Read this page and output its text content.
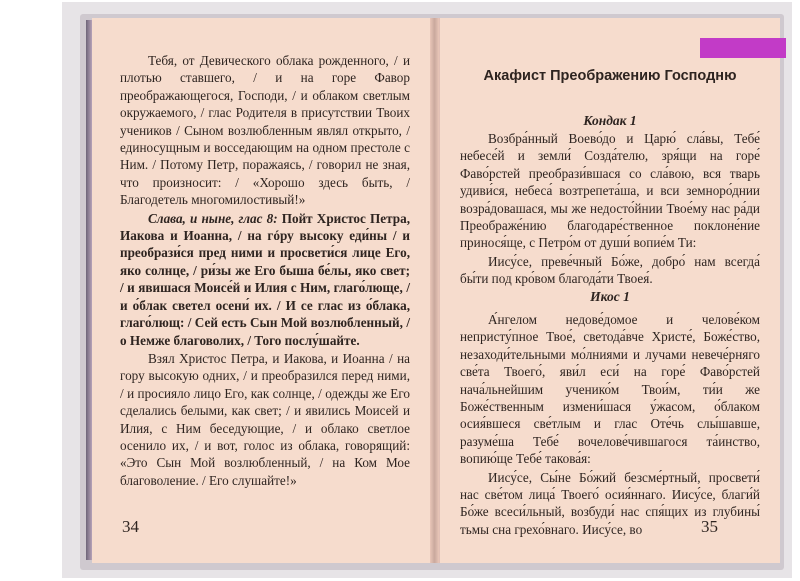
Тебя, от Девического облака рожденного, / и плотью ставшего, / и на горе Фавор преображающегося, Господи, / и облаком светлым окружаемого, / глас Родителя в присутствии Твоих учеников / Сыном возлюбленным являл открыто, / единосущным и восседающим на одном престоле с Ним. / Потому Петр, поражаясь, / говорил не зная, что произносит: / «Хорошо здесь быть, / Благодетель многомилостивый!»

Слава, и ныне, глас 8: Пойт Христос Петра, Иакова и Иоанна, / на гóру высоку еди́ны / и преобрази́ся пред ними и просвети́ся лице Его, яко солнце, / ри́зы же Его быша бе́лы, яко свет; / и явишася Моисе́й и Илия с Ним, глаго́люще, / и о́блак светел осени́ их. / И се глас из о́блака, глаго́лющ: / Сей есть Сын Мой возлюбленный, / о Немже благоволих, / Того послу́шайте.

Взял Христос Петра, и Иакова, и Иоанна / на гору высокую одних, / и преобразился перед ними, / и просияло лицо Его, как солнце, / одежды же Его сделались белыми, как свет; / и явились Моисей и Илия, с Ним беседующие, / и облако светлое осенило их, / и вот, голос из облака, говорящий: «Это Сын Мой возлюбленный, / на Ком Мое благоволение. / Его слушайте!»

34
Акафист Преображению Господню
Кондак 1

Возбра́нный Воево́до и Царю́ сла́вы, Тебе́ небесе́й и земли́ Созда́телю, зря́щи на горе́ Фаво́рстей преобрази́вшася со сла́вою, вся тварь удиви́ся, небеса́ возтрепета́ша, и вси земноро́днии возра́довашася, мы же недосто́йнии Твое́му нас ра́ди Преображе́нию благодаре́ственное поклоне́ние принося́ще, с Петро́м от души́ вопие́м Ти:

Иису́се, преве́чный Бо́же, добро́ нам всегда́ бы́ти под кро́вом благода́ти Твоея́.

Икос 1

А́нгелом недове́домое и челове́ком непристу́пное Твое́, светода́вче Христе́, Боже́ство, незаходи́тельными мо́лниями и лучами невече́рняго све́та Твоего́, яви́л еси́ на горе́ Фаво́рстей нача́льнейшим ученико́м Твои́м, ти́и же Боже́ственным измени́шася у́жасом, о́блаком осия́вшеся све́тлым и глас Оте́чь слы́шавше, разуме́ша Тебе́ вочелове́чившагося та́инство, вопию́ще Тебе́ такова́я:

Иису́се, Сы́не Бо́жий безсме́ртный, просвети́ нас све́том лица́ Твоего́ осия́ннаго. Иису́се, благи́й Бо́же всеси́льный, возбуди́ нас спя́щих из глубины́ тьмы сна грехо́внаго. Иису́се, во	35
